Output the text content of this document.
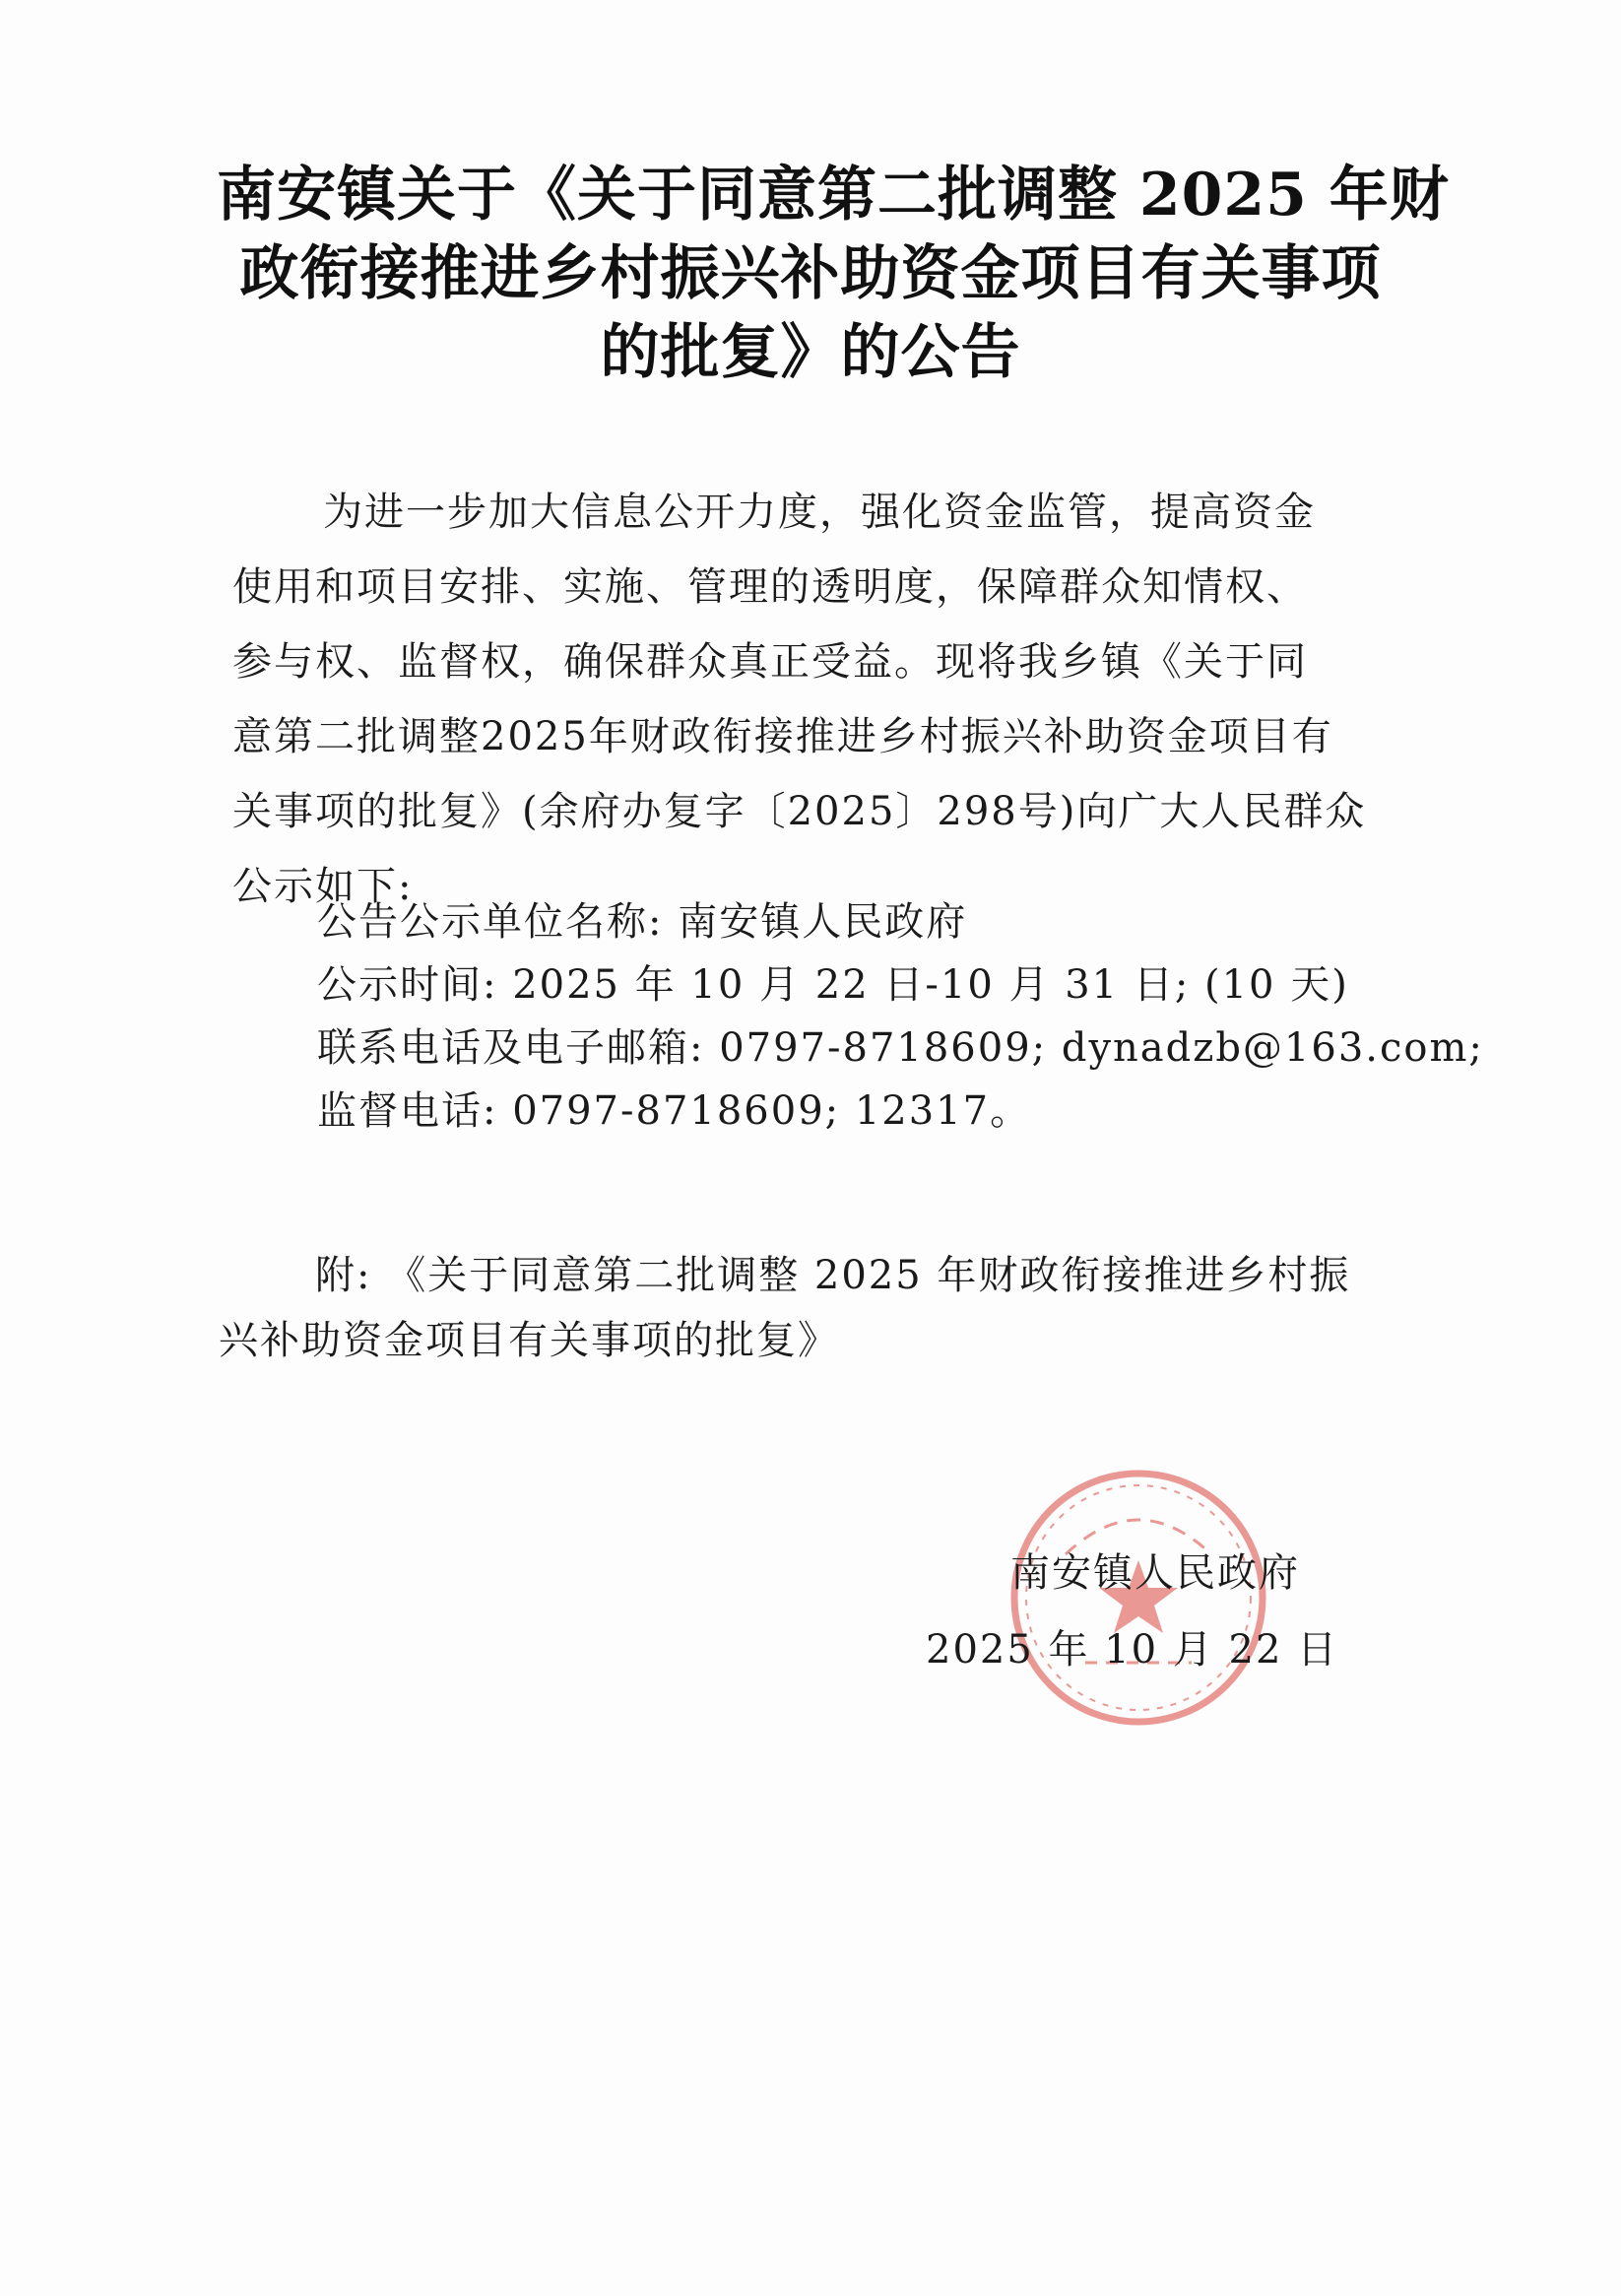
南安镇关于《关于同意第二批调整 2025 年财
政衔接推进乡村振兴补助资金项目有关事项
的批复》的公告
为进一步加大信息公开力度，强化资金监管，提高资金
使用和项目安排、实施、管理的透明度，保障群众知情权、
参与权、监督权，确保群众真正受益。现将我乡镇《关于同
意第二批调整2025年财政衔接推进乡村振兴补助资金项目有
关事项的批复》(余府办复字〔2025〕298号)向广大人民群众
公示如下:
公告公示单位名称: 南安镇人民政府
公示时间: 2025 年 10 月 22 日-10 月 31 日; (10 天)
联系电话及电子邮箱: 0797-8718609; dynadzb@163.com;
监督电话: 0797-8718609; 12317。
附: 《关于同意第二批调整 2025 年财政衔接推进乡村振
兴补助资金项目有关事项的批复》
南安镇人民政府
2025 年 10 月 22 日
